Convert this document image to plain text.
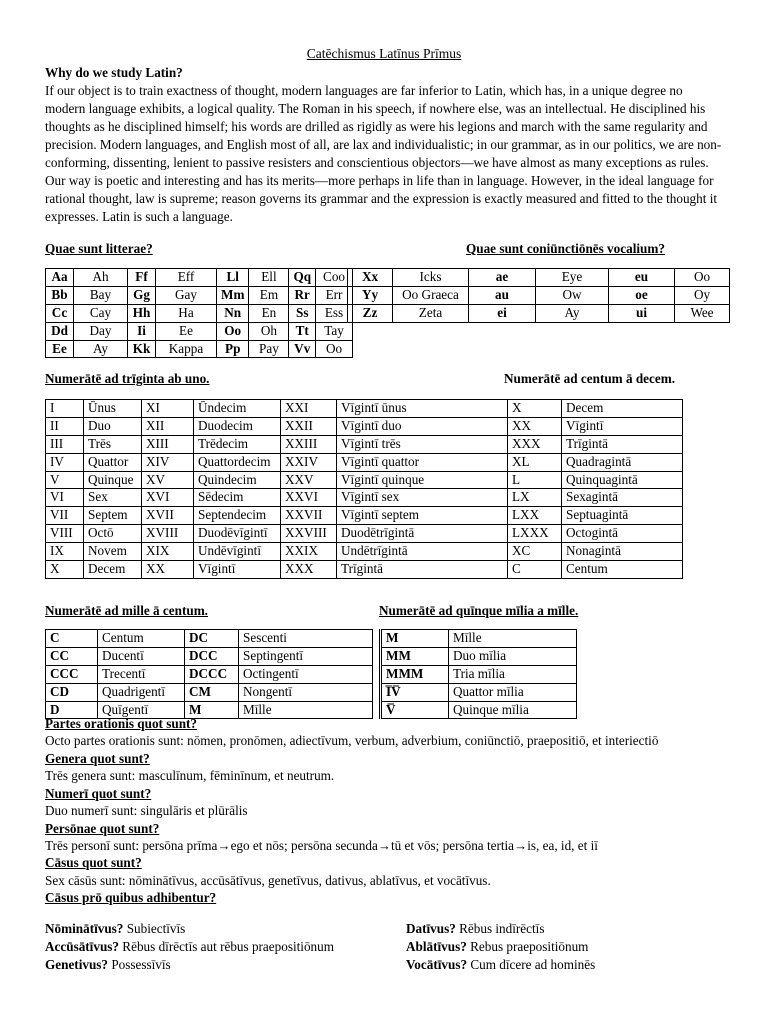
Catēchismus Latīnus Prīmus
Why do we study Latin?

If our object is to train exactness of thought, modern languages are far inferior to Latin, which has, in a unique degree no modern language exhibits, a logical quality. The Roman in his speech, if nowhere else, was an intellectual. He disciplined his thoughts as he disciplined himself; his words are drilled as rigidly as were his legions and march with the same regularity and precision. Modern languages, and English most of all, are lax and individualistic; in our grammar, as in our politics, we are non-conforming, dissenting, lenient to passive resisters and conscientious objectors—we have almost as many exceptions as rules. Our way is poetic and interesting and has its merits—more perhaps in life than in language. However, in the ideal language for rational thought, law is supreme; reason governs its grammar and the expression is exactly measured and fitted to the thought it expresses. Latin is such a language.

Quae sunt litterae?	Quae sunt coniūnctiōnēs vocalium?
Aa	Ah	Ff	Eff	Ll	Ell	Qq	Coo
Bb	Bay	Gg	Gay	Mm	Em	Rr	Err
Cc	Cay	Hh	Ha	Nn	En	Ss	Ess
Dd	Day	Ii	Ee	Oo	Oh	Tt	Tay
Ee	Ay	Kk	Kappa	Pp	Pay	Vv	Oo
Xx	Icks	ae	Eye	eu	Oo
Yy	Oo Graeca	au	Ow	oe	Oy
Zz	Zeta	ei	Ay	ui	Wee
Numerātē ad trīginta ab uno.	Numerātē ad centum ā decem.
I	Ūnus	XI	Ūndecim	XXI	Vīgintī ūnus	X	Decem
II	Duo	XII	Duodecim	XXII	Vīgintī duo	XX	Vīgintī
III	Trēs	XIII	Trēdecim	XXIII	Vīgintī trēs	XXX	Trīgintā
IV	Quattor	XIV	Quattordecim	XXIV	Vīgintī quattor	XL	Quadragintā
V	Quinque	XV	Quindecim	XXV	Vīgintī quinque	L	Quinquagintā
VI	Sex	XVI	Sēdecim	XXVI	Vīgintī sex	LX	Sexagintā
VII	Septem	XVII	Septendecim	XXVII	Vīgintī septem	LXX	Septuagintā
VIII	Octō	XVIII	Duodēvīgintī	XXVIII	Duodētrīgintā	LXXX	Octogintā
IX	Novem	XIX	Undēvīgintī	XXIX	Undētrīgintā	XC	Nonagintā
X	Decem	XX	Vīgintī	XXX	Trīgintā	C	Centum
Numerātē ad mille ā centum.	Numerātē ad quīnque mīlia a mīlle.
C	Centum	DC	Sescenti
CC	Ducentī	DCC	Septingentī
CCC	Trecentī	DCCC	Octingentī
CD	Quadrigentī	CM	Nongentī
D	Quīgentī	M	Mīlle
M	Mīlle
MM	Duo mīlia
MMM	Tria mīlia
I̅V̅	Quattor mīlia
V̅	Quinque mīlia
Partes orationis quot sunt?
Octo partes orationis sunt: nōmen, pronōmen, adiectīvum, verbum, adverbium, coniūnctiō, praepositiō, et interiectiō
Genera quot sunt?
Trēs genera sunt: masculīnum, fēminīnum, et neutrum.
Numerī quot sunt?
Duo numerī sunt: singulāris et plūrālis
Persōnae quot sunt?
Trēs personī sunt: persōna prīma→ego et nōs; persōna secunda→tū et vōs; persōna tertia→is, ea, id, et iī
Cāsus quot sunt?
Sex cāsūs sunt: nōminātīvus, accūsātīvus, genetīvus, dativus, ablatīvus, et vocātīvus.
Cāsus prō quibus adhibentur?
Nōminātīvus? Subiectīvīs
Accūsātīvus? Rēbus dīrēctīs aut rēbus praepositiōnum
Genetivus? Possessīvīs
Datīvus? Rēbus indīrēctīs
Ablātīvus? Rebus praepositiōnum
Vocātīvus? Cum dīcere ad hominēs
